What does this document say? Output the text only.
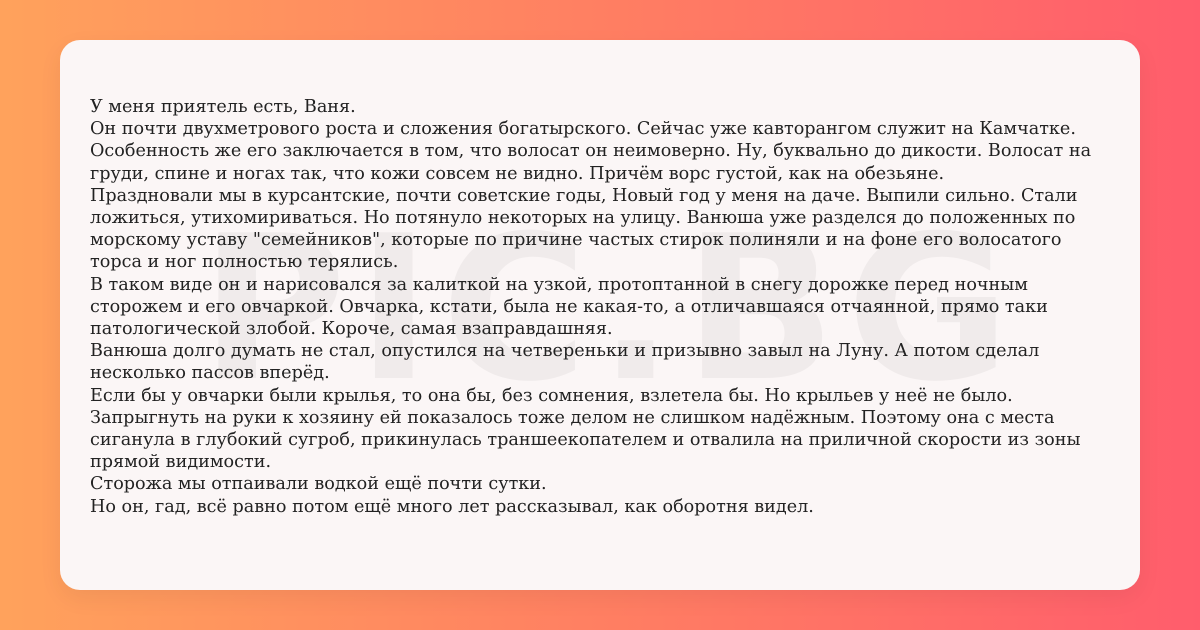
У меня приятель есть, Ваня.

Он почти двухметрового роста и сложения богатырского. Сейчас уже кавторангом служит на Камчатке.

Особенность же его заключается в том, что волосат он неимоверно. Ну, буквально до дикости. Волосат на груди, спине и ногах так, что кожи совсем не видно. Причём ворс густой, как на обезьяне.

Праздновали мы в курсантские, почти советские годы, Новый год у меня на даче. Выпили сильно. Стали ложиться, утихомириваться. Но потянуло некоторых на улицу. Ванюша уже разделся до положенных по морскому уставу "семейников", которые по причине частых стирок полиняли и на фоне его волосатого торса и ног полностью терялись.

В таком виде он и нарисовался за калиткой на узкой, протоптанной в снегу дорожке перед ночным сторожем и его овчаркой. Овчарка, кстати, была не какая-то, а отличавшаяся отчаянной, прямо таки патологической злобой. Короче, самая взаправдашняя.

Ванюша долго думать не стал, опустился на четвереньки и призывно завыл на Луну. А потом сделал несколько пассов вперёд.

Если бы у овчарки были крылья, то она бы, без сомнения, взлетела бы. Но крыльев у неё не было. Запрыгнуть на руки к хозяину ей показалось тоже делом не слишком надёжным. Поэтому она с места сиганула в глубокий сугроб, прикинулась траншеекопателем и отвалила на приличной скорости из зоны прямой видимости.

Сторожа мы отпаивали водкой ещё почти сутки.

Но он, гад, всё равно потом ещё много лет рассказывал, как оборотня видел.
